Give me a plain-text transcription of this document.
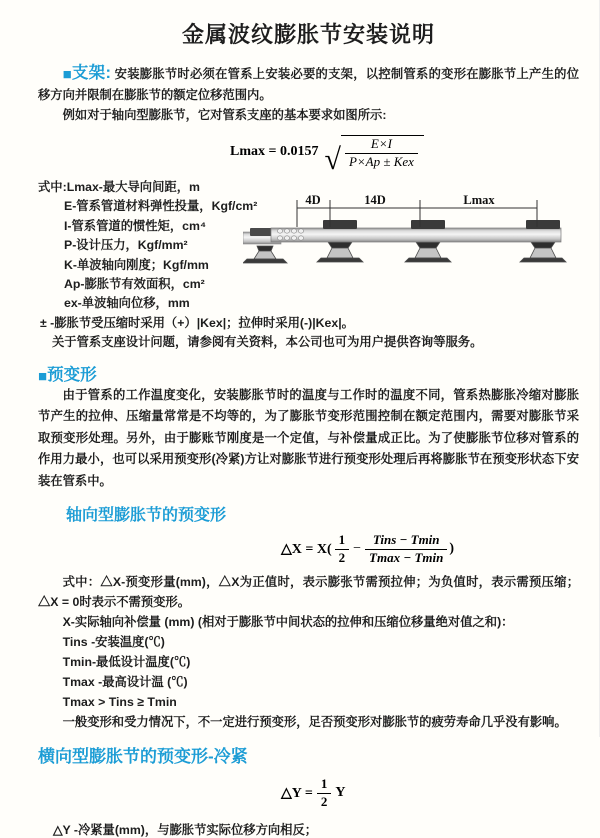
金属波纹膨胀节安装说明

■支架: 安装膨胀节时必须在管系上安装必要的支架，以控制管系的变形在膨胀节上产生的位移方向并限制在膨胀节的额定位移范围内。

例如对于轴向型膨胀节，它对管系支座的基本要求如图所示:

Lmax = 0.0157 √ $\frac{E\times I}{\text{P×Ap ± Kex}}$

式中:Lmax-最大导向间距，m

E-管系管道材料弹性投量，Kgf/cm²

I-管系管道的惯性矩，cm⁴

P-设计压力，Kgf/mm²

K-单波轴向刚度；Kgf/mm

Ap-膨胀节有效面积，cm²

ex-单波轴向位移，mm

± -膨胀节受压缩时采用（+）|Kex|；拉伸时采用(-)|Kex|。

关于管系支座设计问题，请参阅有关资料，本公司也可为用户提供咨询等服务。

4D	14D	Lmax

■预变形

由于管系的工作温度变化，安装膨胀节时的温度与工作时的温度不同，管系热膨胀冷缩对膨胀节产生的拉伸、压缩量常常是不均等的，为了膨胀节变形范围控制在额定范围内，需要对膨胀节采取预变形处理。另外，由于膨账节刚度是一个定值，与补偿量成正比。为了使膨胀节位移对管系的作用力最小，也可以采用预变形(冷紧)方让对膨胀节进行预变形处理后再将膨胀节在预变形状态下安装在管系中。

轴向型膨胀节的预变形
△X = $X( \frac{1}{2} - \frac{\text{Tins − Tmin}}{Tmax - Tmin}$ )

式中：△X-预变形量(mm)，△X为正值时，表示膨张节需预拉伸；为负值时，表示需预压缩；△X = 0时表示不需预变形。

X-实际轴向补偿量 (mm) (相对于膨胀节中间状态的拉伸和压缩位移量绝对值之和)：

Tins -安装温度(℃)

Tmin-最低设计温度(℃)

Tmax -最高设计温 (℃)

Tmax > Tins ≥ Tmin

一般变形和受力情况下，不一定进行预变形，足否预变形对膨胀节的疲劳寿命几乎没有影响。

横向型膨胀节的预变形-冷紧
△Y = $\frac{1}{2}$ Y

△Y -冷紧量(mm)，与膨胀节实际位移方向相反；
